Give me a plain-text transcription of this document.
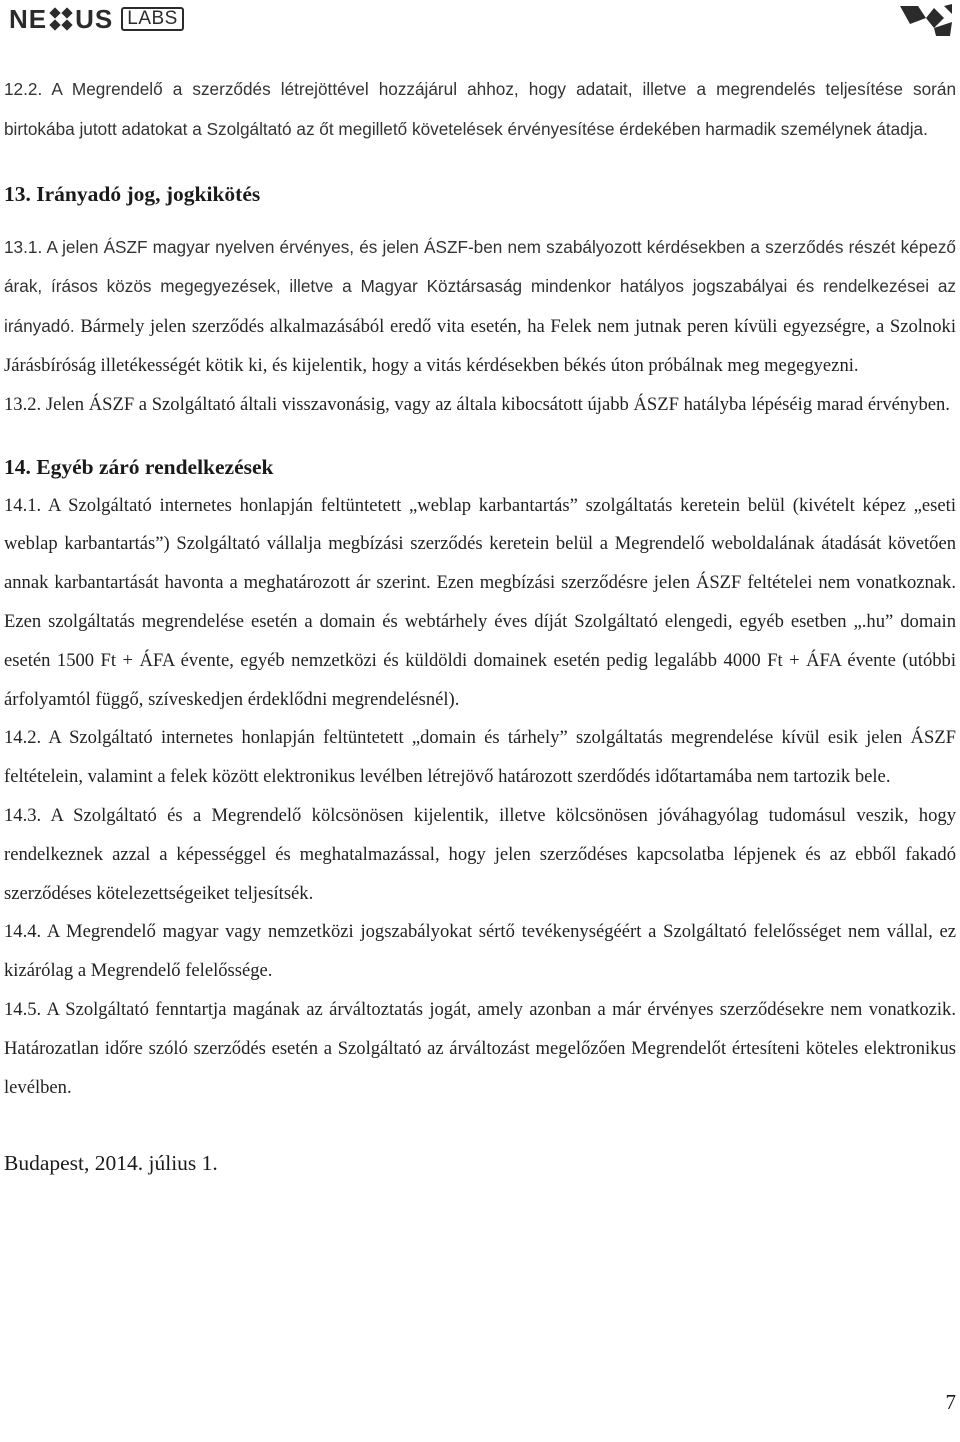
NE US LABS

12.2. A Megrendelő a szerződés létrejöttével hozzájárul ahhoz, hogy adatait, illetve a megrendelés teljesítése során birtokába jutott adatokat a Szolgáltató az őt megillető követelések érvényesítése érdekében harmadik személynek átadja.

13. Irányadó jog, jogkikötés

13.1. A jelen ÁSZF magyar nyelven érvényes, és jelen ÁSZF-ben nem szabályozott kérdésekben a szerződés részét képező árak, írásos közös megegyezések, illetve a Magyar Köztársaság mindenkor hatályos jogszabályai és rendelkezései az irányadó. Bármely jelen szerződés alkalmazásából eredő vita esetén, ha Felek nem jutnak peren kívüli egyezségre, a Szolnoki Járásbíróság illetékességét kötik ki, és kijelentik, hogy a vitás kérdésekben békés úton próbálnak meg megegyezni.

13.2. Jelen ÁSZF a Szolgáltató általi visszavonásig, vagy az általa kibocsátott újabb ÁSZF hatályba lépéséig marad érvényben.

14. Egyéb záró rendelkezések

14.1. A Szolgáltató internetes honlapján feltüntetett „weblap karbantartás” szolgáltatás keretein belül (kivételt képez „eseti weblap karbantartás”) Szolgáltató vállalja megbízási szerződés keretein belül a Megrendelő weboldalának átadását követően annak karbantartását havonta a meghatározott ár szerint. Ezen megbízási szerződésre jelen ÁSZF feltételei nem vonatkoznak. Ezen szolgáltatás megrendelése esetén a domain és webtárhely éves díját Szolgáltató elengedi, egyéb esetben „.hu” domain esetén 1500 Ft + ÁFA évente, egyéb nemzetközi és küldöldi domainek esetén pedig legalább 4000 Ft + ÁFA évente (utóbbi árfolyamtól függő, szíveskedjen érdeklődni megrendelésnél).

14.2. A Szolgáltató internetes honlapján feltüntetett „domain és tárhely” szolgáltatás megrendelése kívül esik jelen ÁSZF feltételein, valamint a felek között elektronikus levélben létrejövő határozott szerdődés időtartamába nem tartozik bele.

14.3. A Szolgáltató és a Megrendelő kölcsönösen kijelentik, illetve kölcsönösen jóváhagyólag tudomásul veszik, hogy rendelkeznek azzal a képességgel és meghatalmazással, hogy jelen szerződéses kapcsolatba lépjenek és az ebből fakadó szerződéses kötelezettségeiket teljesítsék.

14.4. A Megrendelő magyar vagy nemzetközi jogszabályokat sértő tevékenységéért a Szolgáltató felelősséget nem vállal, ez kizárólag a Megrendelő felelőssége.

14.5. A Szolgáltató fenntartja magának az árváltoztatás jogát, amely azonban a már érvényes szerződésekre nem vonatkozik. Határozatlan időre szóló szerződés esetén a Szolgáltató az árváltozást megelőzően Megrendelőt értesíteni köteles elektronikus levélben.

Budapest, 2014. július 1.

7
